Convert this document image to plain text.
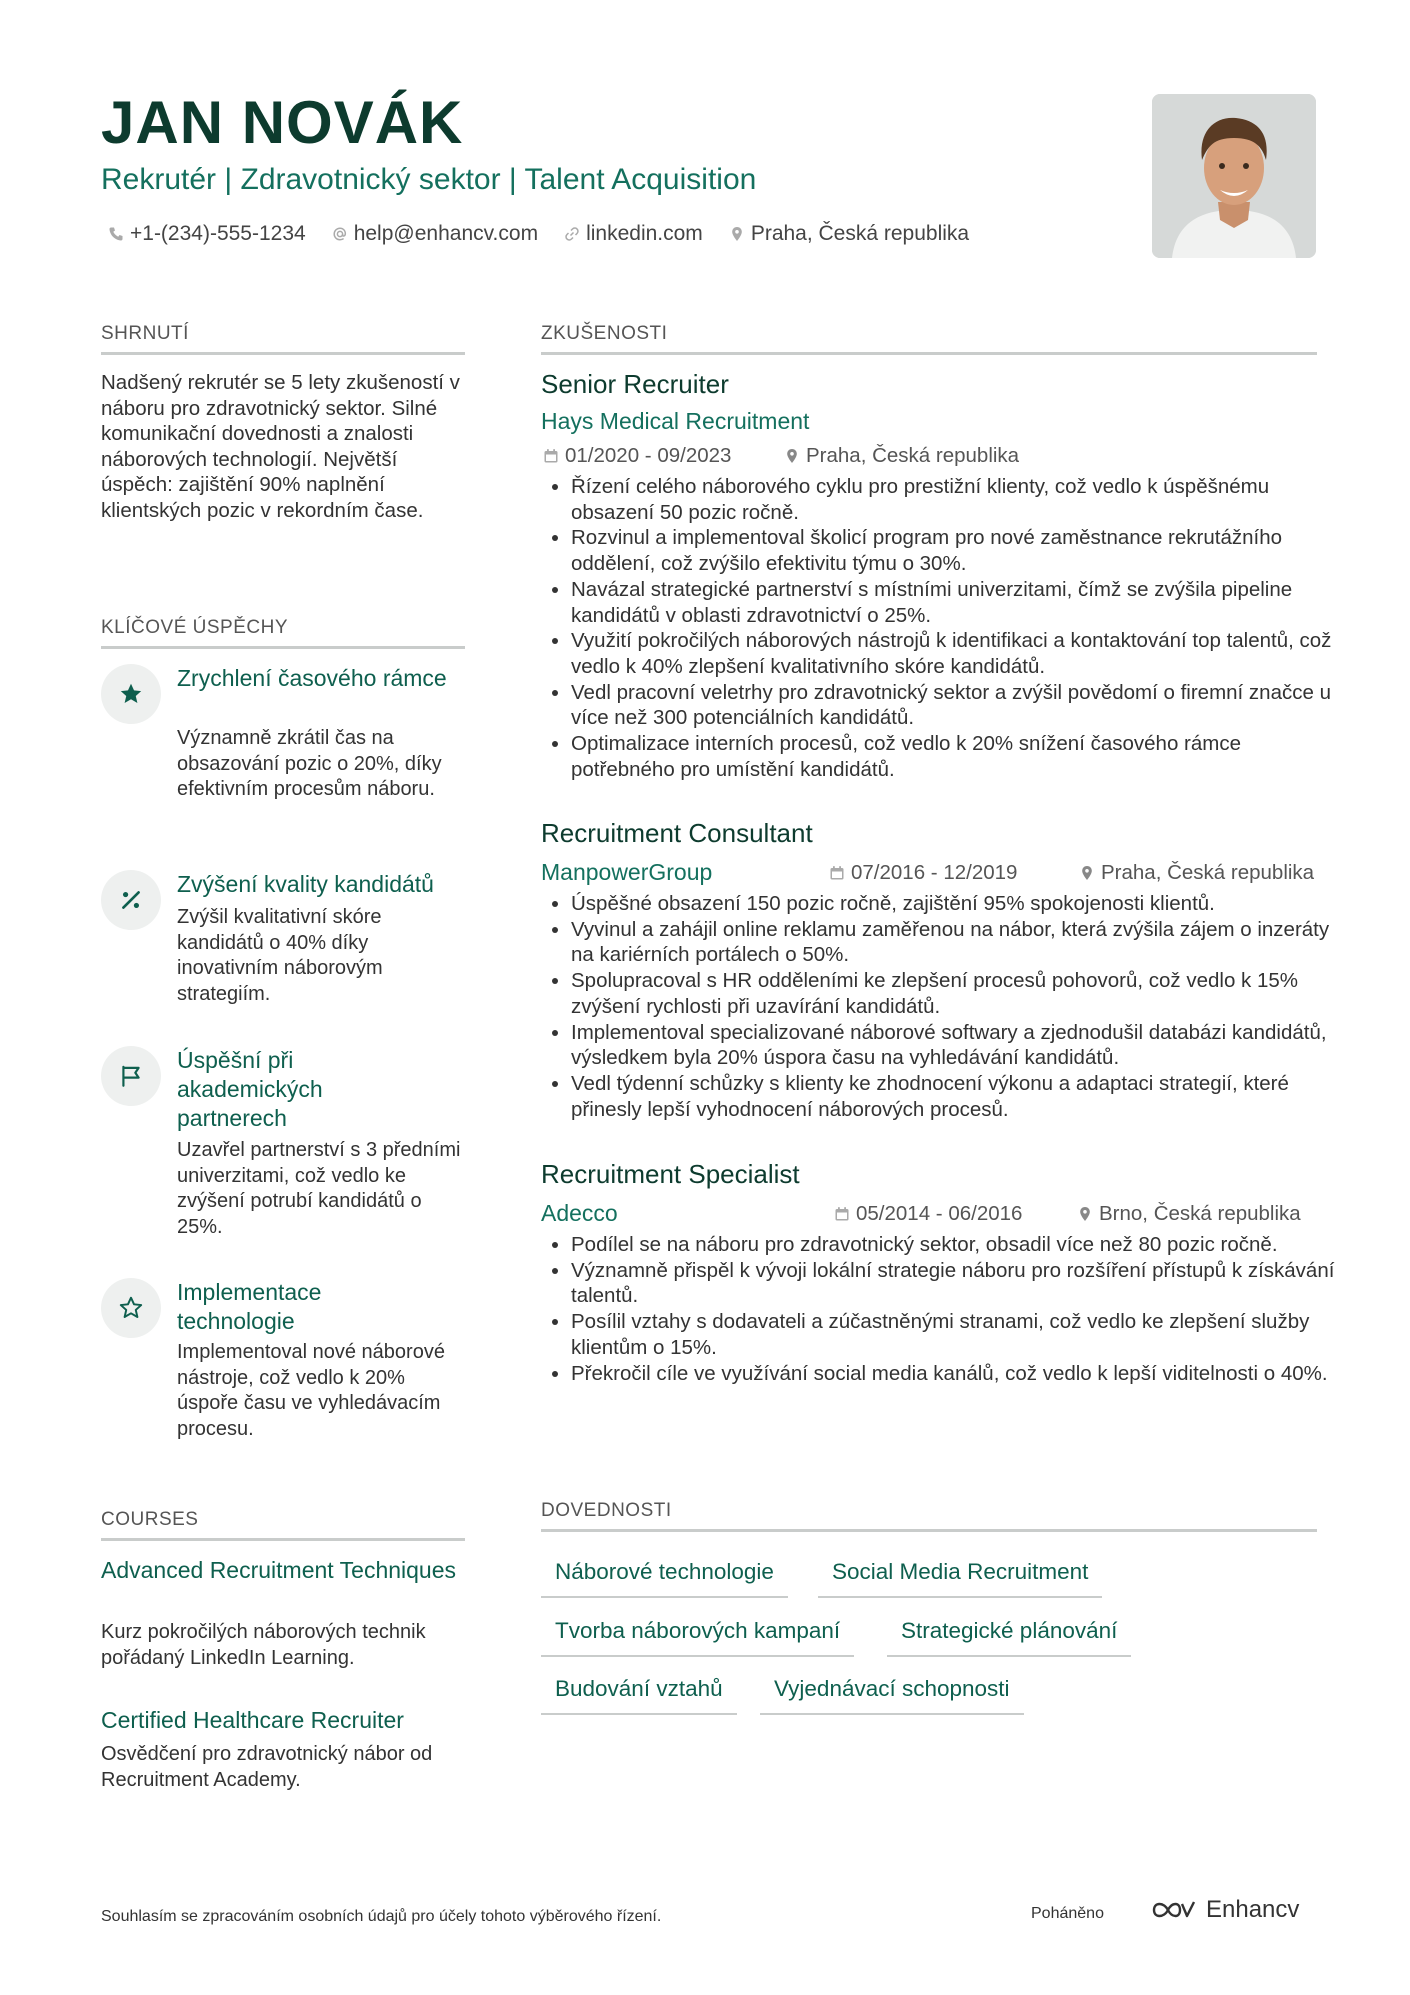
JAN NOVÁK
Rekrutér | Zdravotnický sektor | Talent Acquisition
+1-(234)-555-1234 help@enhancv.com linkedin.com Praha, Česká republika
SHRNUTÍ
Nadšený rekrutér se 5 lety zkušeností v náboru pro zdravotnický sektor. Silné komunikační dovednosti a znalosti náborových technologií. Největší úspěch: zajištění 90% naplnění klientských pozic v rekordním čase.
KLÍČOVÉ ÚSPĚCHY
Zrychlení časového rámce
Významně zkrátil čas na obsazování pozic o 20%, díky efektivním procesům náboru.
Zvýšení kvality kandidátů
Zvýšil kvalitativní skóre kandidátů o 40% díky inovativním náborovým strategiím.
Úspěšní při akademických partnerech
Uzavřel partnerství s 3 předními univerzitami, což vedlo ke zvýšení potrubí kandidátů o 25%.
Implementace technologie
Implementoval nové náborové nástroje, což vedlo k 20% úspoře času ve vyhledávacím procesu.
COURSES
Advanced Recruitment Techniques
Kurz pokročilých náborových technik pořádaný LinkedIn Learning.
Certified Healthcare Recruiter
Osvědčení pro zdravotnický nábor od Recruitment Academy.
ZKUŠENOSTI
Senior Recruiter
Hays Medical Recruitment
01/2020 - 09/2023	Praha, Česká republika
• Řízení celého náborového cyklu pro prestižní klienty, což vedlo k úspěšnému obsazení 50 pozic ročně.
• Rozvinul a implementoval školicí program pro nové zaměstnance rekrutážního oddělení, což zvýšilo efektivitu týmu o 30%.
• Navázal strategické partnerství s místními univerzitami, čímž se zvýšila pipeline kandidátů v oblasti zdravotnictví o 25%.
• Využití pokročilých náborových nástrojů k identifikaci a kontaktování top talentů, což vedlo k 40% zlepšení kvalitativního skóre kandidátů.
• Vedl pracovní veletrhy pro zdravotnický sektor a zvýšil povědomí o firemní značce u více než 300 potenciálních kandidátů.
• Optimalizace interních procesů, což vedlo k 20% snížení časového rámce potřebného pro umístění kandidátů.
Recruitment Consultant
ManpowerGroup	07/2016 - 12/2019	Praha, Česká republika
• Úspěšné obsazení 150 pozic ročně, zajištění 95% spokojenosti klientů.
• Vyvinul a zahájil online reklamu zaměřenou na nábor, která zvýšila zájem o inzeráty na kariérních portálech o 50%.
• Spolupracoval s HR odděleními ke zlepšení procesů pohovorů, což vedlo k 15% zvýšení rychlosti při uzavírání kandidátů.
• Implementoval specializované náborové softwary a zjednodušil databázi kandidátů, výsledkem byla 20% úspora času na vyhledávání kandidátů.
• Vedl týdenní schůzky s klienty ke zhodnocení výkonu a adaptaci strategií, které přinesly lepší vyhodnocení náborových procesů.
Recruitment Specialist
Adecco	05/2014 - 06/2016	Brno, Česká republika
• Podílel se na náboru pro zdravotnický sektor, obsadil více než 80 pozic ročně.
• Významně přispěl k vývoji lokální strategie náboru pro rozšíření přístupů k získávání talentů.
• Posílil vztahy s dodavateli a zúčastněnými stranami, což vedlo ke zlepšení služby klientům o 15%.
• Překročil cíle ve využívání social media kanálů, což vedlo k lepší viditelnosti o 40%.
DOVEDNOSTI
Náborové technologie	Social Media Recruitment
Tvorba náborových kampaní	Strategické plánování
Budování vztahů	Vyjednávací schopnosti
Souhlasím se zpracováním osobních údajů pro účely tohoto výběrového řízení.	Poháněno	Enhancv
